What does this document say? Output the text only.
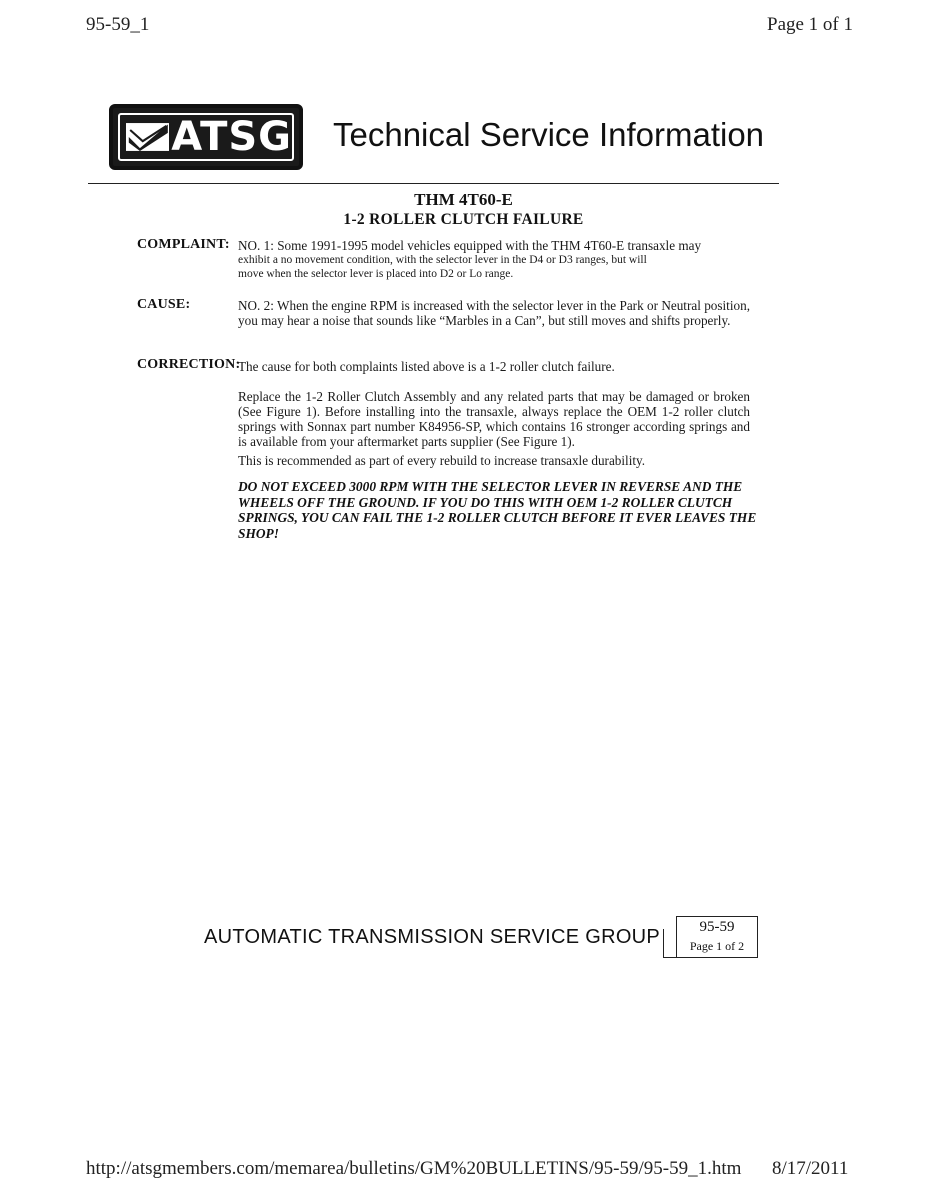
95-59_1	Page 1 of 1
ATSG Technical Service Information
THM 4T60-E
1-2 ROLLER CLUTCH FAILURE
COMPLAINT: NO. 1: Some 1991-1995 model vehicles equipped with the THM 4T60-E transaxle may

exhibit a no movement condition, with the selector lever in the D4 or D3 ranges, but will

move when the selector lever is placed into D2 or Lo range.

CAUSE:	NO. 2: When the engine RPM is increased with the selector lever in the Park or Neutral position, you may hear a noise that sounds like “Marbles in a Can”, but still moves and shifts properly.
CORRECTION:
The cause for both complaints listed above is a 1-2 roller clutch failure.
Replace the 1-2 Roller Clutch Assembly and any related parts that may be damaged or broken (See Figure 1). Before installing into the transaxle, always replace the OEM 1-2 roller clutch springs with Sonnax part number K84956-SP, which contains 16 stronger according springs and is available from your aftermarket parts supplier (See Figure 1).
This is recommended as part of every rebuild to increase transaxle durability.
DO NOT EXCEED 3000 RPM WITH THE SELECTOR LEVER IN REVERSE AND THE WHEELS OFF THE GROUND. IF YOU DO THIS WITH OEM 1-2 ROLLER CLUTCH SPRINGS, YOU CAN FAIL THE 1-2 ROLLER CLUTCH BEFORE IT EVER LEAVES THE SHOP!
AUTOMATIC TRANSMISSION SERVICE GROUP	95-59
Page 1 of 2
http://atsgmembers.com/memarea/bulletins/GM%20BULLETINS/95-59/95-59_1.htm 8/17/2011
